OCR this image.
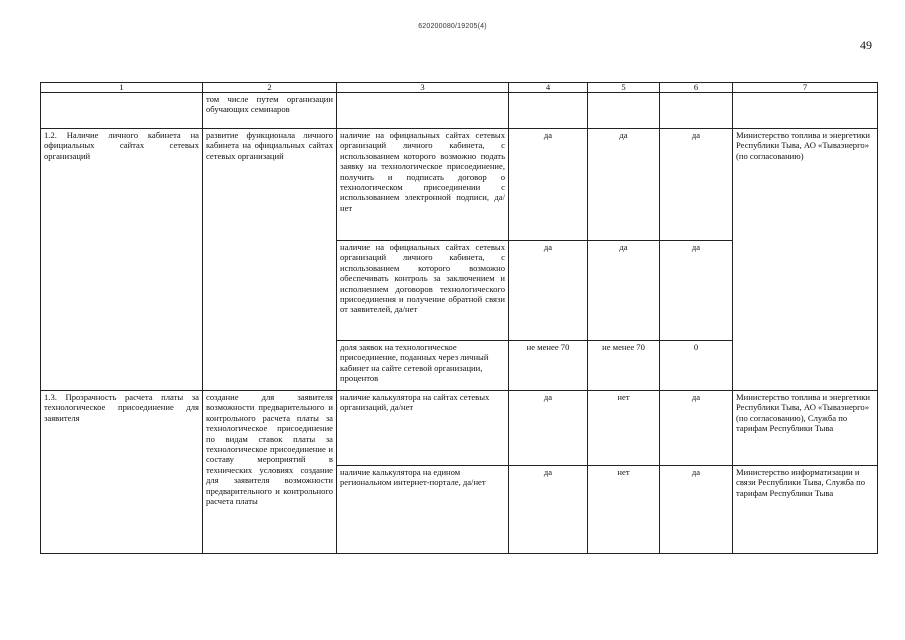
620200080/19205(4)
49
1	2	3	4	5	6	7
	том числе путем организации обучающих семинаров					
1.2. Наличие личного кабинета на официальных сайтах сетевых организаций	развитие функционала личного кабинета на официальных сайтах сетевых организаций	наличие на официальных сайтах сетевых организаций личного кабинета, с использованием которого возможно подать заявку на технологическое присоединение, получить и подписать договор о технологическом присоединении с использованием электронной подписи, да/нет	да	да	да	Министерство топлива и энергетики Республики Тыва, АО «Тываэнерго» (по согласованию)
		наличие на официальных сайтах сетевых организаций личного кабинета, с использованием которого возможно обеспечивать контроль за заключением и исполнением договоров технологического присоединения и получение обратной связи от заявителей, да/нет	да	да	да	
		доля заявок на технологическое присоединение, поданных через личный кабинет на сайте сетевой организации, процентов	не менее 70	не менее 70	0	
1.3. Прозрачность расчета платы за технологическое присоединение для заявителя	создание для заявителя возможности предварительного и контрольного расчета платы за технологическое присоединение по видам ставок платы за технологическое присоединение и составу мероприятий в технических условиях создание для заявителя возможности предварительного и контрольного расчета платы	наличие калькулятора на сайтах сетевых организаций, да/нет	да	нет	да	Министерство топлива и энергетики Республики Тыва, АО «Тываэнерго» (по согласованию), Служба по тарифам Республики Тыва
		наличие калькулятора на едином региональном интернет-портале, да/нет	да	нет	да	Министерство информатизации и связи Республики Тыва, Служба по тарифам Республики Тыва
